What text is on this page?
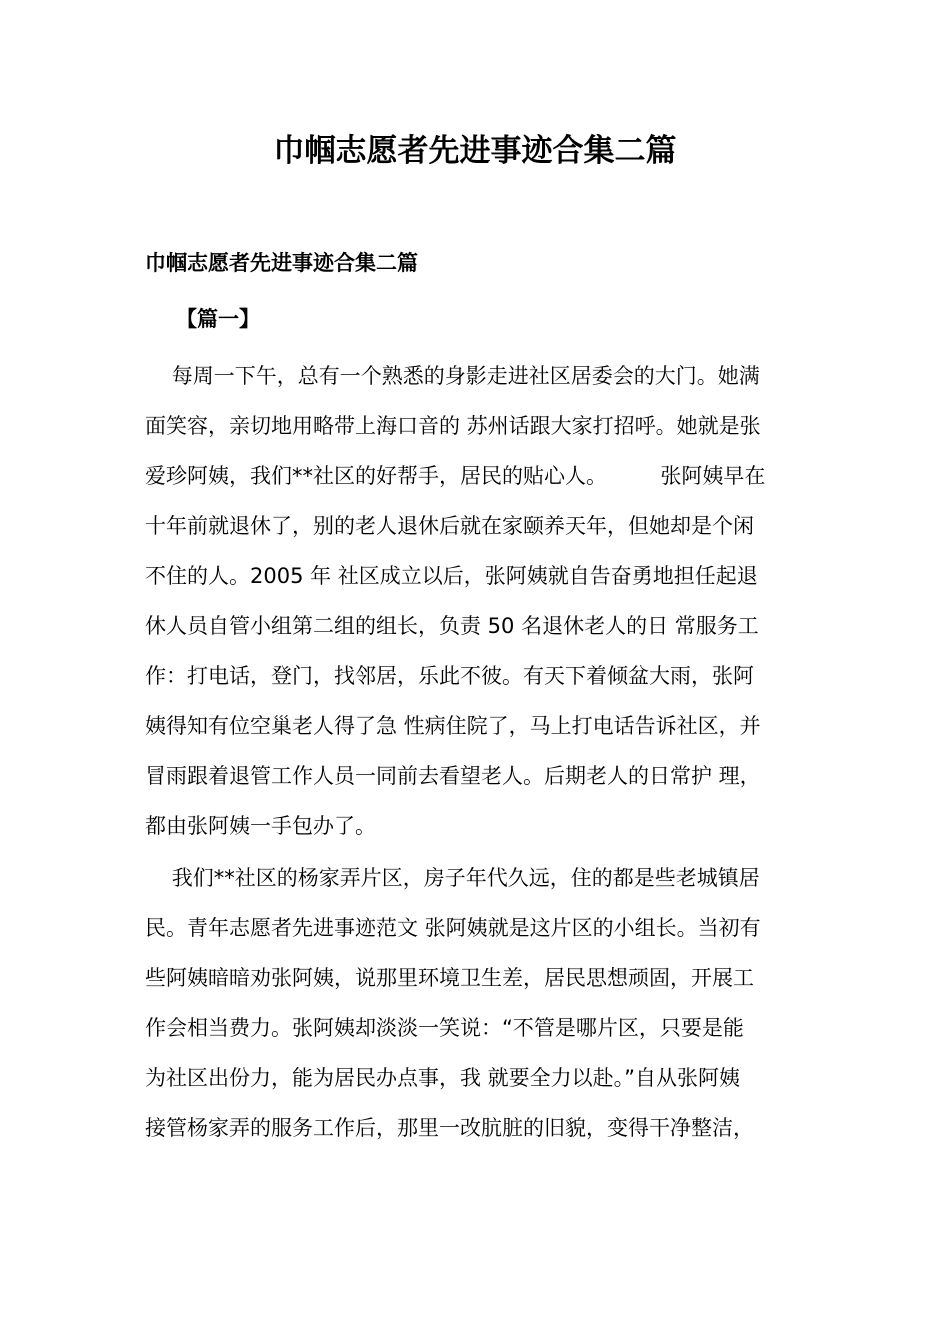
巾帼志愿者先进事迹合集二篇
巾帼志愿者先进事迹合集二篇
【篇一】
每周一下午，总有一个熟悉的身影走进社区居委会的大门。她满
面笑容，亲切地用略带上海口音的 苏州话跟大家打招呼。她就是张
爱珍阿姨，我们**社区的好帮手，居民的贴心人。        张阿姨早在
十年前就退休了，别的老人退休后就在家颐养天年，但她却是个闲
不住的人。2005 年 社区成立以后，张阿姨就自告奋勇地担任起退
休人员自管小组第二组的组长，负责 50 名退休老人的日 常服务工
作：打电话，登门，找邻居，乐此不彼。有天下着倾盆大雨，张阿
姨得知有位空巢老人得了急 性病住院了，马上打电话告诉社区，并
冒雨跟着退管工作人员一同前去看望老人。后期老人的日常护 理，
都由张阿姨一手包办了。
我们**社区的杨家弄片区，房子年代久远，住的都是些老城镇居
民。青年志愿者先进事迹范文 张阿姨就是这片区的小组长。当初有
些阿姨暗暗劝张阿姨，说那里环境卫生差，居民思想顽固，开展工
作会相当费力。张阿姨却淡淡一笑说：“不管是哪片区，只要是能
为社区出份力，能为居民办点事，我 就要全力以赴。”自从张阿姨
接管杨家弄的服务工作后，那里一改肮脏的旧貌，变得干净整洁，
